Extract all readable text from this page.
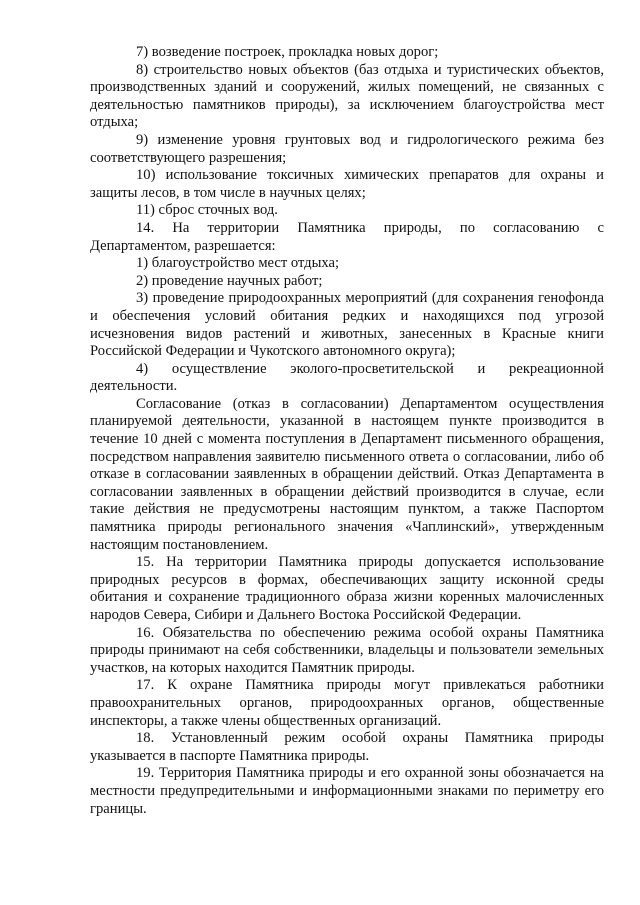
7) возведение построек, прокладка новых дорог;

8) строительство новых объектов (баз отдыха и туристических объектов, производственных зданий и сооружений, жилых помещений, не связанных с деятельностью памятников природы), за исключением благоустройства мест отдыха;

9) изменение уровня грунтовых вод и гидрологического режима без соответствующего разрешения;

10) использование токсичных химических препаратов для охраны и защиты лесов, в том числе в научных целях;

11) сброс сточных вод.

14. На территории Памятника природы, по согласованию с Департаментом, разрешается:

1) благоустройство мест отдыха;

2) проведение научных работ;

3) проведение природоохранных мероприятий (для сохранения генофонда и обеспечения условий обитания редких и находящихся под угрозой исчезновения видов растений и животных, занесенных в Красные книги Российской Федерации и Чукотского автономного округа);

4) осуществление эколого-просветительской и рекреационной деятельности.

Согласование (отказ в согласовании) Департаментом осуществления планируемой деятельности, указанной в настоящем пункте производится в течение 10 дней с момента поступления в Департамент письменного обращения, посредством направления заявителю письменного ответа о согласовании, либо об отказе в согласовании заявленных в обращении действий. Отказ Департамента в согласовании заявленных в обращении действий производится в случае, если такие действия не предусмотрены настоящим пунктом, а также Паспортом памятника природы регионального значения «Чаплинский», утвержденным настоящим постановлением.

15. На территории Памятника природы допускается использование природных ресурсов в формах, обеспечивающих защиту исконной среды обитания и сохранение традиционного образа жизни коренных малочисленных народов Севера, Сибири и Дальнего Востока Российской Федерации.

16. Обязательства по обеспечению режима особой охраны Памятника природы принимают на себя собственники, владельцы и пользователи земельных участков, на которых находится Памятник природы.

17. К охране Памятника природы могут привлекаться работники правоохранительных органов, природоохранных органов, общественные инспекторы, а также члены общественных организаций.

18. Установленный режим особой охраны Памятника природы указывается в паспорте Памятника природы.

19. Территория Памятника природы и его охранной зоны обозначается на местности предупредительными и информационными знаками по периметру его границы.
